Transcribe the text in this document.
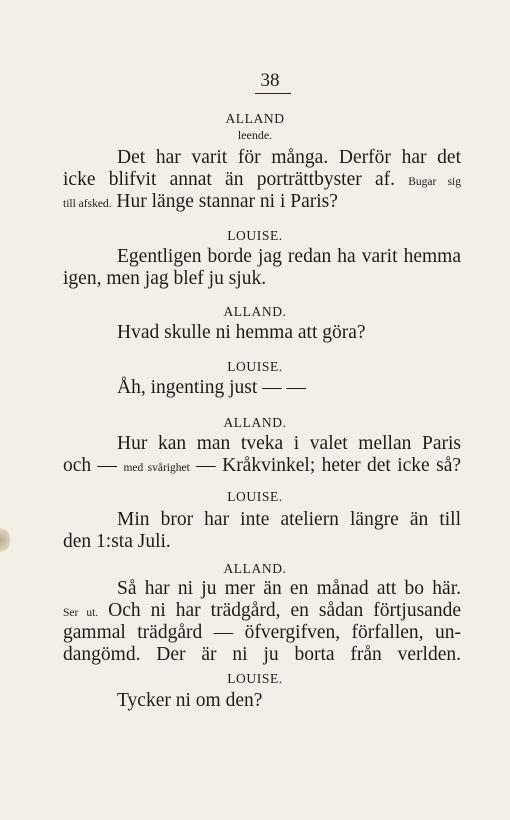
38
ALLAND
leende.
Det har varit för många. Derför har det
icke blifvit annat än porträttbyster af. Bugar sig
till afsked. Hur länge stannar ni i Paris?
LOUISE.
Egentligen borde jag redan ha varit hemma
igen, men jag blef ju sjuk.
ALLAND.
Hvad skulle ni hemma att göra?
LOUISE.
Åh, ingenting just — —
ALLAND.
Hur kan man tveka i valet mellan Paris
och — med svårighet — Kråkvinkel; heter det icke så?
LOUISE.
Min bror har inte ateliern längre än till
den 1:sta Juli.
ALLAND.
Så har ni ju mer än en månad att bo här.
Ser ut. Och ni har trädgård, en sådan förtjusande
gammal trädgård — öfvergifven, förfallen, un-
dangömd. Der är ni ju borta från verlden.
LOUISE.
Tycker ni om den?
